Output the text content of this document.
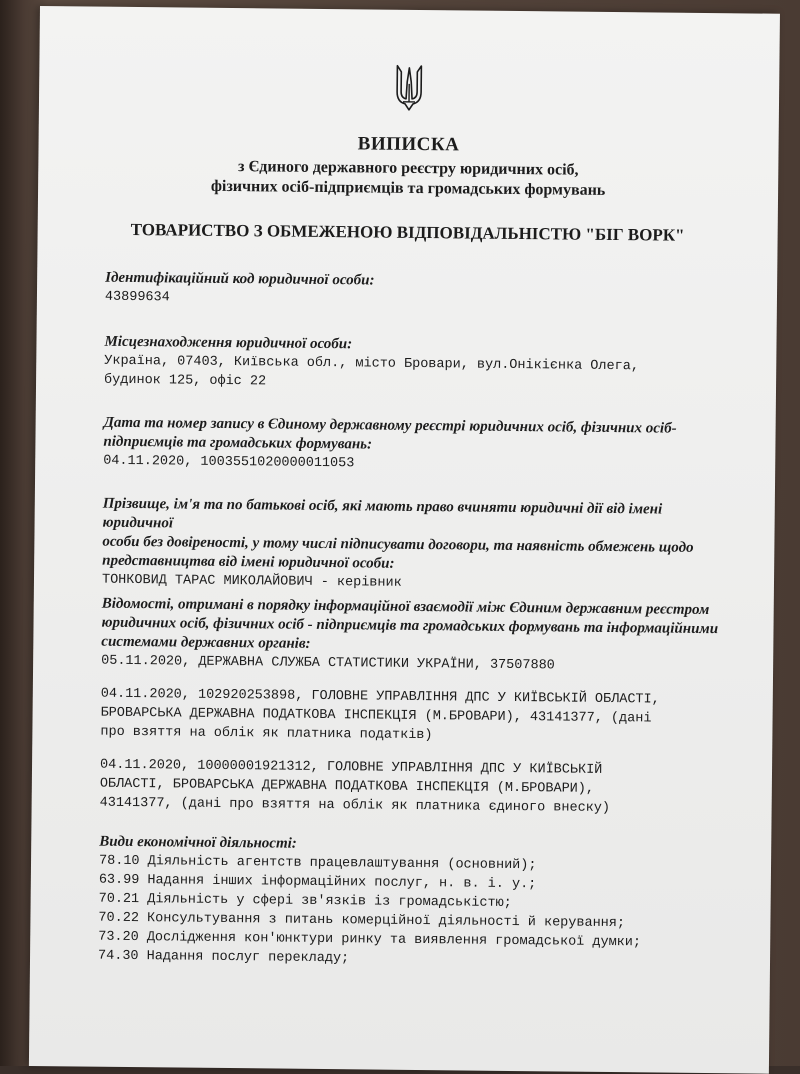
ВИПИСКА
з Єдиного державного реєстру юридичних осіб,
фізичних осіб-підприємців та громадських формувань
ТОВАРИСТВО З ОБМЕЖЕНОЮ ВІДПОВІДАЛЬНІСТЮ "БІГ ВОРК"

Ідентифікаційний код юридичної особи:

43899634

Місцезнаходження юридичної особи:

Україна, 07403, Київська обл., місто Бровари, вул.Онікієнка Олега,

будинок 125, офіс 22

Дата та номер запису в Єдиному державному реєстрі юридичних осіб, фізичних осіб-

підприємців та громадських формувань:

04.11.2020, 1003551020000011053

Прізвище, ім'я та по батькові осіб, які мають право вчиняти юридичні дії від імені юридичної

особи без довіреності, у тому числі підписувати договори, та наявність обмежень щодо

представництва від імені юридичної особи:

ТОНКОВИД ТАРАС МИКОЛАЙОВИЧ - керівник

Відомості, отримані в порядку інформаційної взаємодії між Єдиним державним реєстром

юридичних осіб, фізичних осіб - підприємців та громадських формувань та інформаційними

системами державних органів:

05.11.2020, ДЕРЖАВНА СЛУЖБА СТАТИСТИКИ УКРАЇНИ, 37507880

04.11.2020, 102920253898, ГОЛОВНЕ УПРАВЛІННЯ ДПС У КИЇВСЬКІЙ ОБЛАСТІ,

БРОВАРСЬКА ДЕРЖАВНА ПОДАТКОВА ІНСПЕКЦІЯ (М.БРОВАРИ), 43141377, (дані

про взяття на облік як платника податків)

04.11.2020, 10000001921312, ГОЛОВНЕ УПРАВЛІННЯ ДПС У КИЇВСЬКІЙ

ОБЛАСТІ, БРОВАРСЬКА ДЕРЖАВНА ПОДАТКОВА ІНСПЕКЦІЯ (М.БРОВАРИ),

43141377, (дані про взяття на облік як платника єдиного внеску)

Види економічної діяльності:

78.10 Діяльність агентств працевлаштування (основний);
63.99 Надання інших інформаційних послуг, н. в. і. у.;
70.21 Діяльність у сфері зв'язків із громадськістю;
70.22 Консультування з питань комерційної діяльності й керування;
73.20 Дослідження кон'юнктури ринку та виявлення громадської думки;
74.30 Надання послуг перекладу;
